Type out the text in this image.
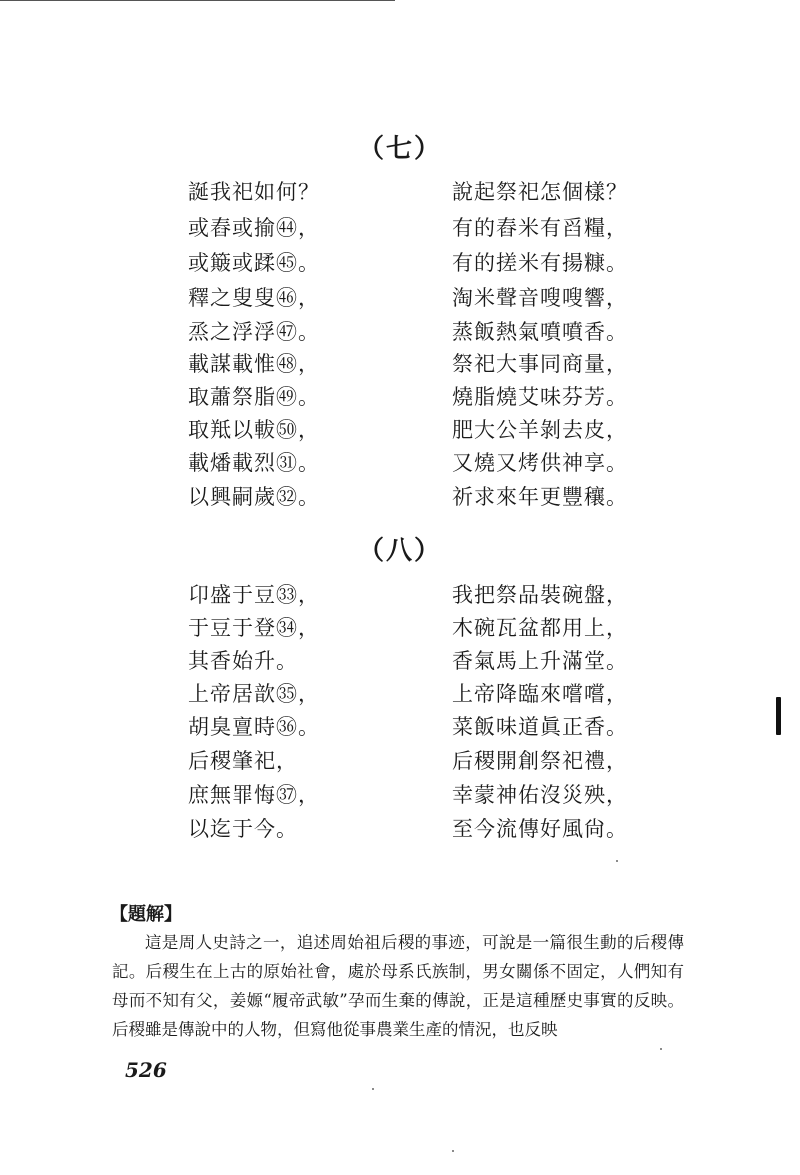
（七）
誕我祀如何？	說起祭祀怎個樣？
或舂或揄㊹，	有的舂米有舀糧，
或簸或蹂㊺。	有的搓米有揚糠。
釋之叟叟㊻，	淘米聲音嗖嗖響，
烝之浮浮㊼。	蒸飯熱氣噴噴香。
載謀載惟㊽，	祭祀大事同商量，
取蕭祭脂㊾。	燒脂燒艾味芬芳。
取羝以軷㊿，	肥大公羊剝去皮，
載燔載烈㉛。	又燒又烤供神享。
以興嗣歲㉜。	祈求來年更豐穰。
（八）
卬盛于豆㉝，	我把祭品裝碗盤，
于豆于登㉞，	木碗瓦盆都用上，
其香始升。	香氣馬上升滿堂。
上帝居歆㉟，	上帝降臨來嚐嚐，
胡臭亶時㊱。	菜飯味道眞正香。
后稷肇祀，	后稷開創祭祀禮，
庶無罪悔㊲，	幸蒙神佑沒災殃，
以迄于今。	至今流傳好風尙。
【題解】

這是周人史詩之一，追述周始祖后稷的事迹，可說是一篇很生動的后稷傳記。后稷生在上古的原始社會，處於母系氏族制，男女關係不固定，人們知有母而不知有父，姜嫄“履帝武敏”孕而生棄的傳說，正是這種歷史事實的反映。后稷雖是傳說中的人物，但寫他從事農業生產的情況，也反映

526
